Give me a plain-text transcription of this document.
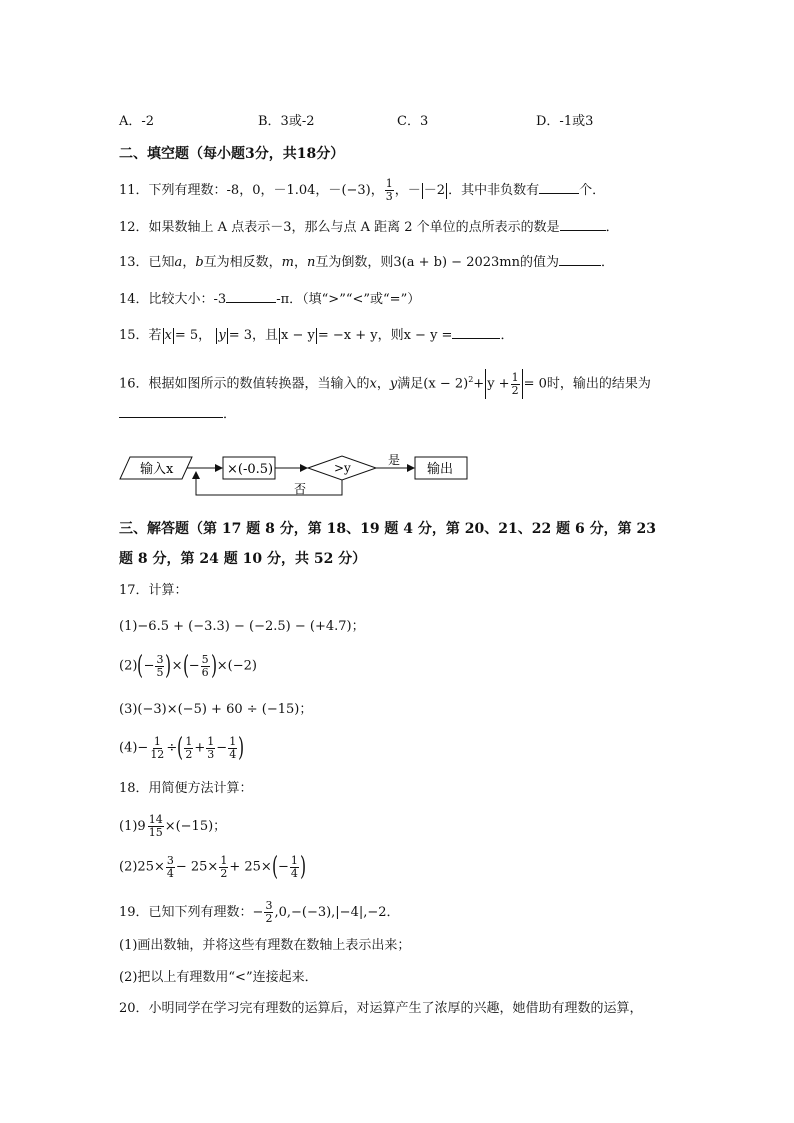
A．-2	B．3或-2	C．3	D．-1或3
二、填空题（每小题3分，共18分）
11．下列有理数：-8，0，－1.04，－(−3)， $\frac{1}{3}$ ，－ －2 ．其中非负数有	个．
12．如果数轴上 A 点表示－3，那么与点 A 距离 2 个单位的点所表示的数是	．
13．已知a，b互为相反数，m，n互为倒数，则3(a + b) − 2023mn的值为	．
14．比较大小：-3	-π．（填“>”“<”或“=”）
15．若 x = 5， y = 3，且 x − y = −x + y，则x − y =	．
16．根据如图所示的数值转换器，当输入的x，y满足$(x - 2)^2+ y + \frac{1}{2} = 0$时，输出的结果为
．
输入x	×(-0.5)	>y
是
输出
否
三、解答题（第 17 题 8 分，第 18、19 题 4 分，第 20、21、22 题 6 分，第 23
题 8 分，第 24 题 10 分，共 52 分）
17．计算：
(1)−6.5 + (−3.3) − (−2.5) − (+4.7)；
$(2)(- \frac{3}{5}$ )×(− $\frac{5}{6} )\times(-2)$
(3)(−3)×(−5) + 60 ÷ (−15)；
$(4)- \frac{1}{12}$ ÷( $\frac{1}{2} + \frac{1}{3} - \frac{1}{4}$ )
18．用简便方法计算：
(1) $9 \frac{14}{15} \times(-15)$；
$(2)25\times \frac{3}{4} - 25\times \frac{1}{2} + 25\times(- \frac{1}{4}$ )
19．已知下列有理数：− $\frac{3}{2} ,0,-(-3),|-4|,-2$．
(1)画出数轴，并将这些有理数在数轴上表示出来；
(2)把以上有理数用“<”连接起来．
20．小明同学在学习完有理数的运算后，对运算产生了浓厚的兴趣，她借助有理数的运算，
